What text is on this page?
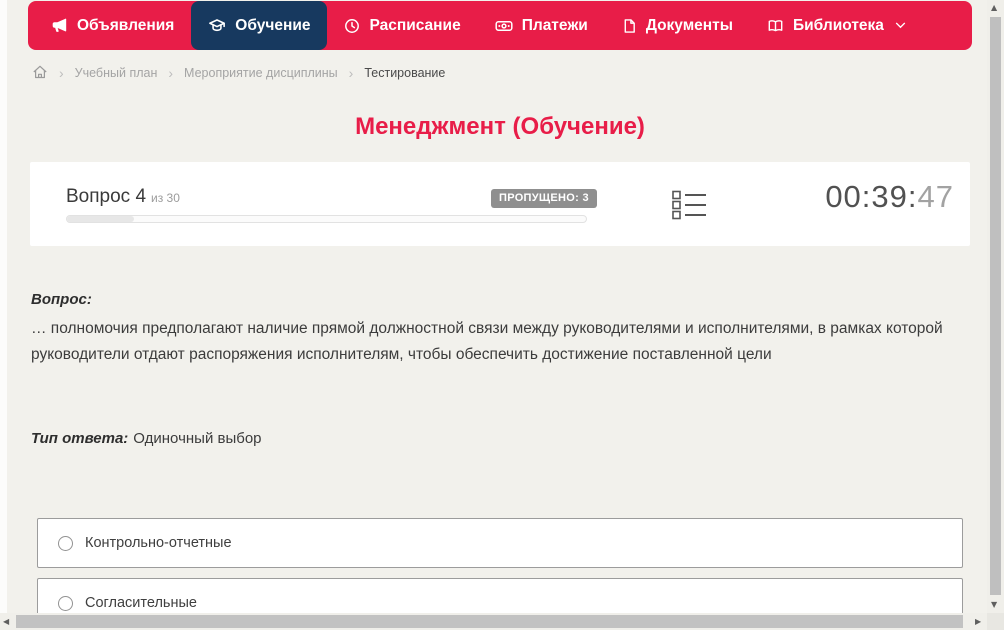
Объявления	Обучение	Расписание	Платежи	Документы	Библиотека
› Учебный план › Мероприятие дисциплины › Тестирование
Менеджмент (Обучение)
Вопрос 4 из 30	ПРОПУЩЕНО: 3	00:39:47
Вопрос:
… полномочия предполагают наличие прямой должностной связи между руководителями и исполнителями, в рамках которой руководители отдают распоряжения исполнителям, чтобы обеспечить достижение поставленной цели
Тип ответа: Одиночный выбор
Контрольно-отчетные
Согласительные
▲
▼
◀	▶
